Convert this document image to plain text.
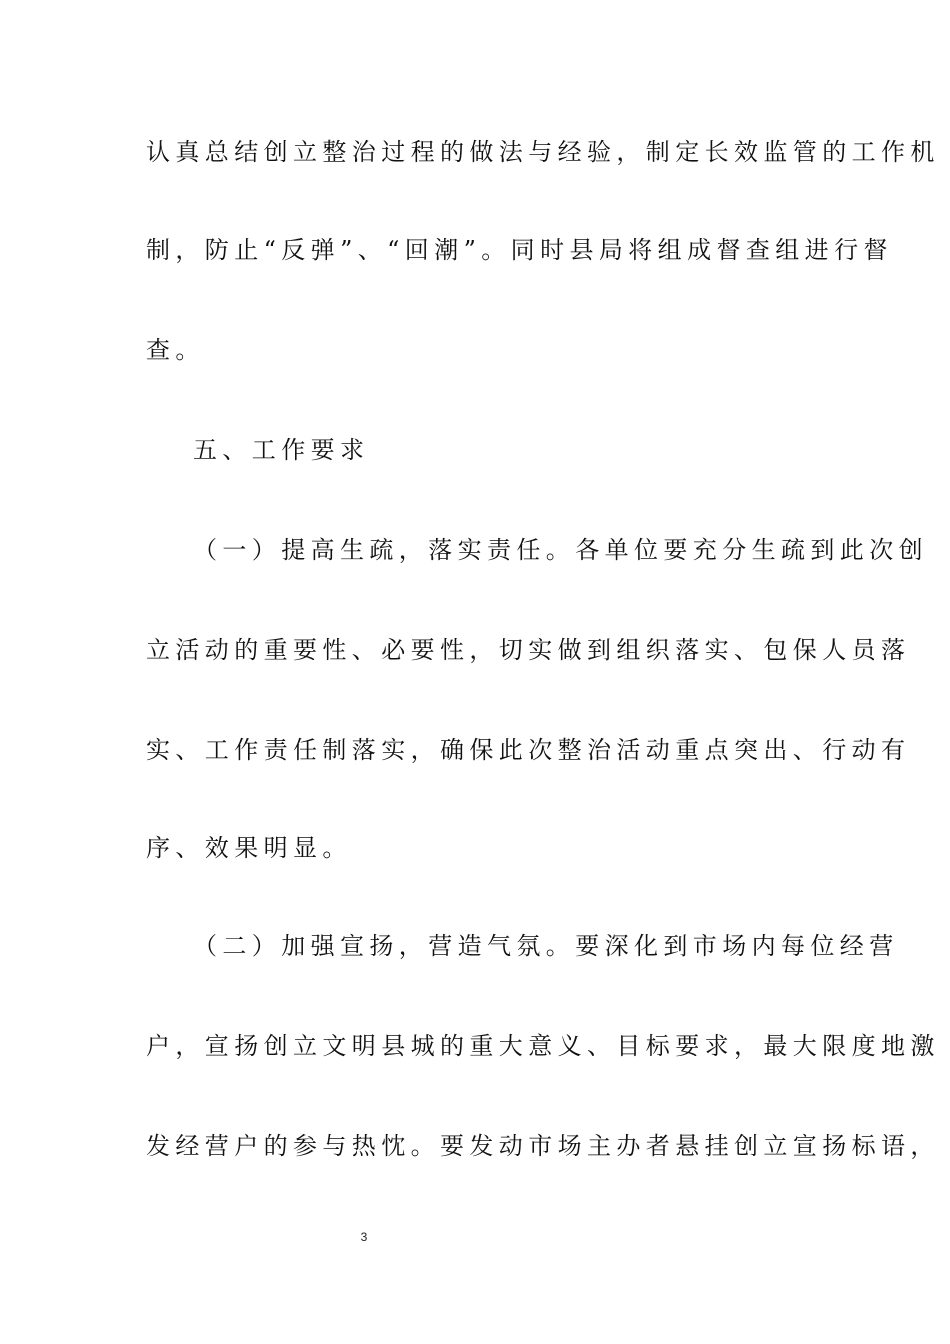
认真总结创立整治过程的做法与经验，制定长效监管的工作机
制，防止“反弹”、“回潮”。同时县局将组成督查组进行督
查。
五、工作要求
（一）提高生疏，落实责任。各单位要充分生疏到此次创
立活动的重要性、必要性，切实做到组织落实、包保人员落
实、工作责任制落实，确保此次整治活动重点突出、行动有
序、效果明显。
（二）加强宣扬，营造气氛。要深化到市场内每位经营
户，宣扬创立文明县城的重大意义、目标要求，最大限度地激
发经营户的参与热忱。要发动市场主办者悬挂创立宣扬标语，
3
